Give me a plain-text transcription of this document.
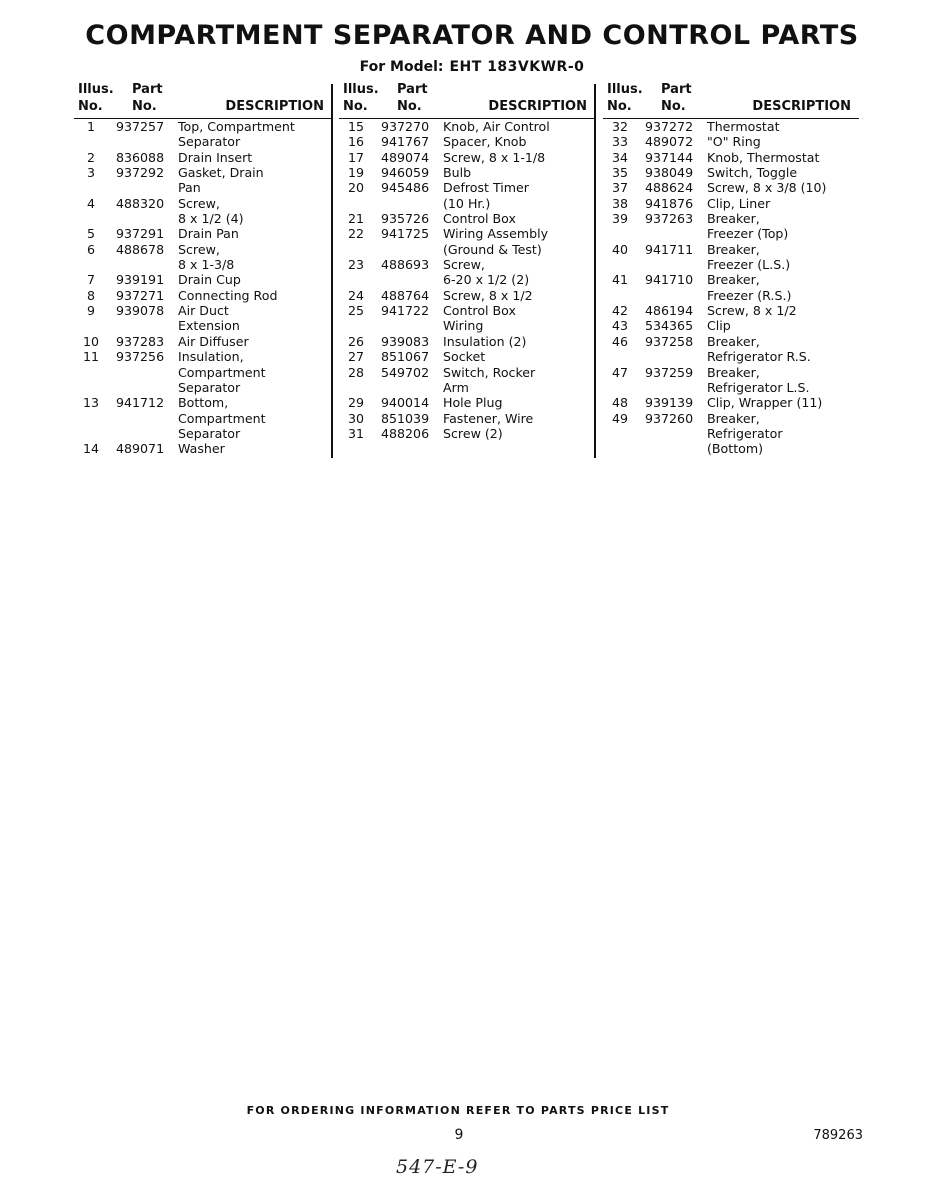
COMPARTMENT SEPARATOR AND CONTROL PARTS
For Model: EHT 183VKWR-0
Illus.
No.
Part
No.	DESCRIPTION
1	937257	Top, Compartment
Separator
2	836088	Drain Insert
3	937292	Gasket, Drain
Pan
4	488320	Screw,
8 x 1/2 (4)
5	937291	Drain Pan
6	488678	Screw,
8 x 1-3/8
7	939191	Drain Cup
8	937271	Connecting Rod
9	939078	Air Duct
Extension
10	937283	Air Diffuser
11	937256	Insulation,
Compartment
Separator
13	941712	Bottom,
Compartment
Separator
14	489071	Washer
Illus.
No.
Part
No.	DESCRIPTION
15	937270	Knob, Air Control
16	941767	Spacer, Knob
17	489074	Screw, 8 x 1-1/8
19	946059	Bulb
20	945486	Defrost Timer
(10 Hr.)
21	935726	Control Box
22	941725	Wiring Assembly
(Ground & Test)
23	488693	Screw,
6-20 x 1/2 (2)
24	488764	Screw, 8 x 1/2
25	941722	Control Box
Wiring
26	939083	Insulation (2)
27	851067	Socket
28	549702	Switch, Rocker
Arm
29	940014	Hole Plug
30	851039	Fastener, Wire
31	488206	Screw (2)
Illus.
No.
Part
No.	DESCRIPTION
32	937272	Thermostat
33	489072	"O" Ring
34	937144	Knob, Thermostat
35	938049	Switch, Toggle
37	488624	Screw, 8 x 3/8 (10)
38	941876	Clip, Liner
39	937263	Breaker,
Freezer (Top)
40	941711	Breaker,
Freezer (L.S.)
41	941710	Breaker,
Freezer (R.S.)
42	486194	Screw, 8 x 1/2
43	534365	Clip
46	937258	Breaker,
Refrigerator R.S.
47	937259	Breaker,
Refrigerator L.S.
48	939139	Clip, Wrapper (11)
49	937260	Breaker,
Refrigerator
(Bottom)
FOR ORDERING INFORMATION REFER TO PARTS PRICE LIST
9	789263
547-E-9
